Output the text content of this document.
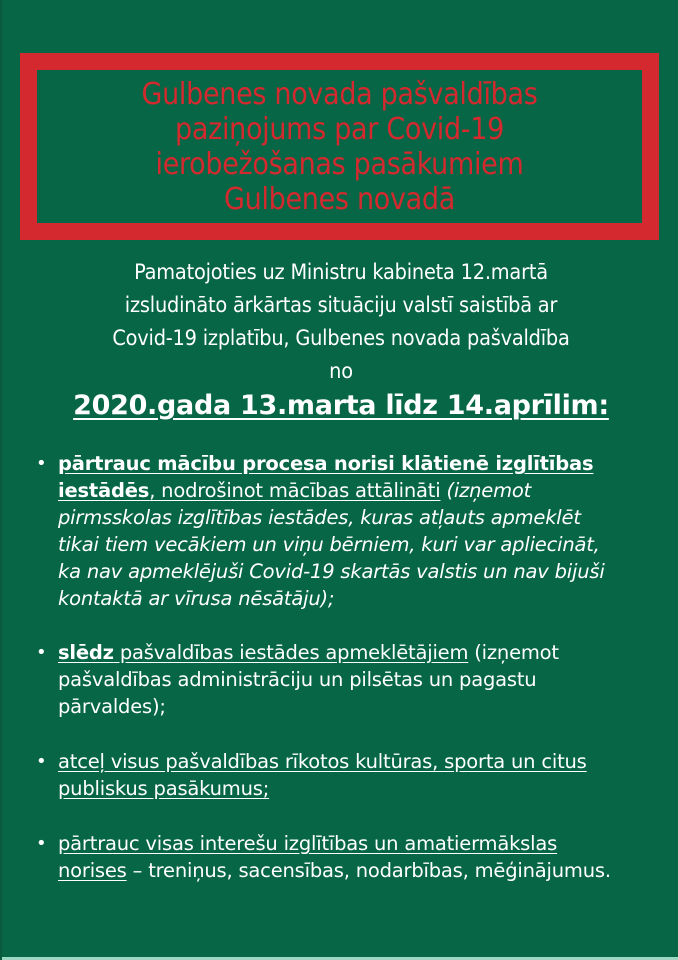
Gulbenes novada pašvaldības
paziņojums par Covid-19
ierobežošanas pasākumiem
Gulbenes novadā
Pamatojoties uz Ministru kabineta 12.martā
izsludināto ārkārtas situāciju valstī saistībā ar
Covid-19 izplatību, Gulbenes novada pašvaldība
no
2020.gada 13.marta līdz 14.aprīlim:
• pārtrauc mācību procesa norisi klātienē izglītības
iestādēs, nodrošinot mācības attālināti (izņemot
pirmsskolas izglītības iestādes, kuras atļauts apmeklēt
tikai tiem vecākiem un viņu bērniem, kuri var apliecināt,
ka nav apmeklējuši Covid-19 skartās valstis un nav bijuši
kontaktā ar vīrusa nēsātāju);
• slēdz pašvaldības iestādes apmeklētājiem (izņemot
pašvaldības administrāciju un pilsētas un pagastu
pārvaldes);
• atceļ visus pašvaldības rīkotos kultūras, sporta un citus
publiskus pasākumus;
• pārtrauc visas interešu izglītības un amatiermākslas
norises – treniņus, sacensības, nodarbības, mēģinājumus.
